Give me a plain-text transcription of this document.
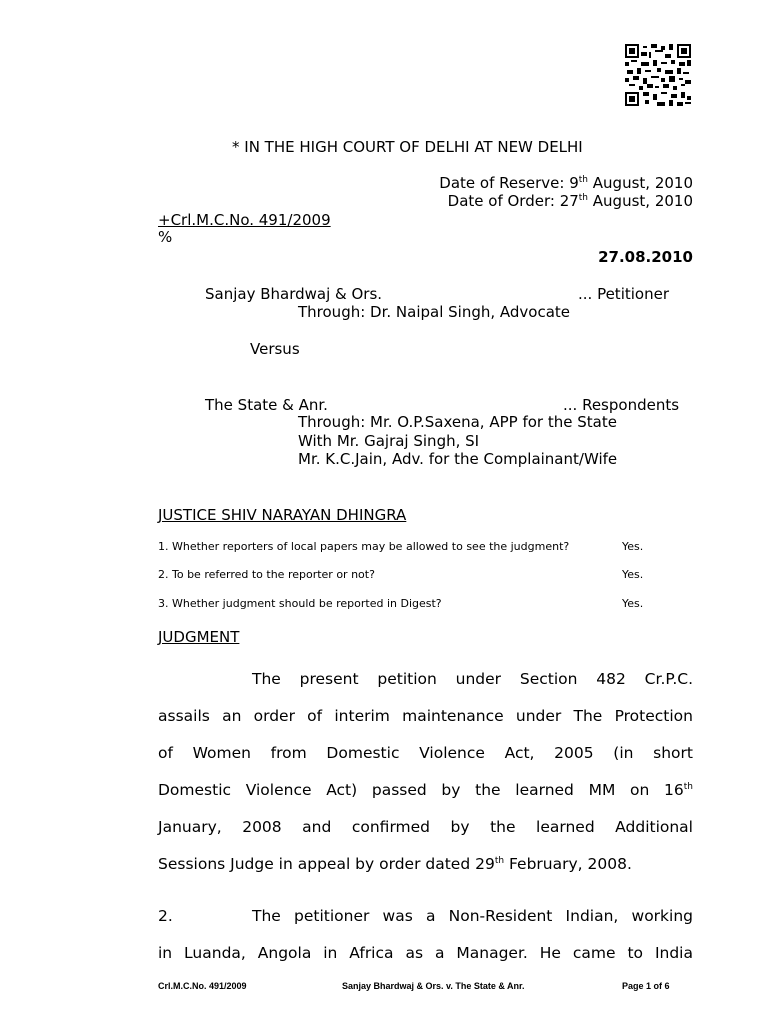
* IN THE HIGH COURT OF DELHI AT NEW DELHI
Date of Reserve: 9th August, 2010
Date of Order: 27th August, 2010
+Crl.M.C.No. 491/2009
%
27.08.2010
Sanjay Bhardwaj & Ors.	... Petitioner
Through: Dr. Naipal Singh, Advocate
Versus
The State & Anr.	... Respondents
Through: Mr. O.P.Saxena, APP for the State
With Mr. Gajraj Singh, SI
Mr. K.C.Jain, Adv. for the Complainant/Wife
JUSTICE SHIV NARAYAN DHINGRA
1. Whether reporters of local papers may be allowed to see the judgment?	Yes.
2. To be referred to the reporter or not?	Yes.
3. Whether judgment should be reported in Digest?	Yes.
JUDGMENT
The present petition under Section 482 Cr.P.C.
assails an order of interim maintenance under The Protection
of Women from Domestic Violence Act, 2005 (in short
Domestic Violence Act) passed by the learned MM on 16th
January, 2008 and confirmed by the learned Additional
Sessions Judge in appeal by order dated 29th February, 2008.
2.	The petitioner was a Non-Resident Indian, working
in Luanda, Angola in Africa as a Manager. He came to India
Crl.M.C.No. 491/2009	Sanjay Bhardwaj & Ors. v. The State & Anr.	Page 1 of 6
